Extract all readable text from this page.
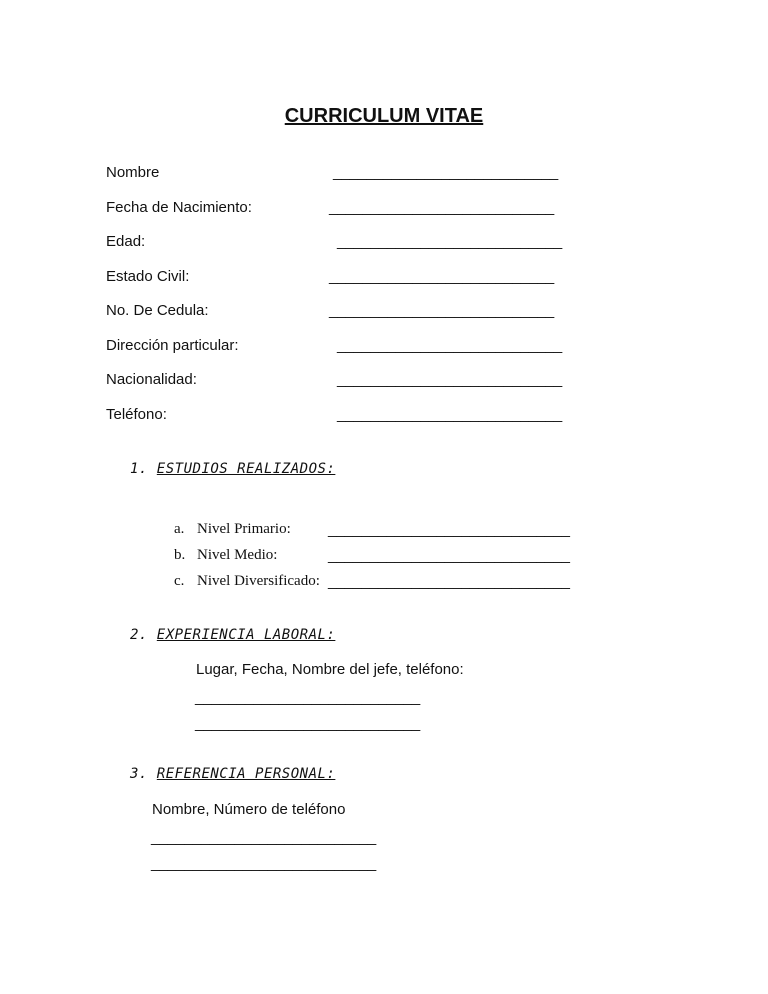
CURRICULUM VITAE
Nombre	___________________________
Fecha de Nacimiento:	___________________________
Edad:	___________________________
Estado Civil:	___________________________
No. De Cedula:	___________________________
Dirección particular:	___________________________
Nacionalidad:	___________________________
Teléfono:	___________________________
1. ESTUDIOS REALIZADOS:
a. Nivel Primario: _____________________________
b. Nivel Medio:	_____________________________
c. Nivel Diversificado: _____________________________
2. EXPERIENCIA LABORAL:
Lugar, Fecha, Nombre del jefe, teléfono:
___________________________
___________________________
3. REFERENCIA PERSONAL:
Nombre, Número de teléfono
___________________________
___________________________
